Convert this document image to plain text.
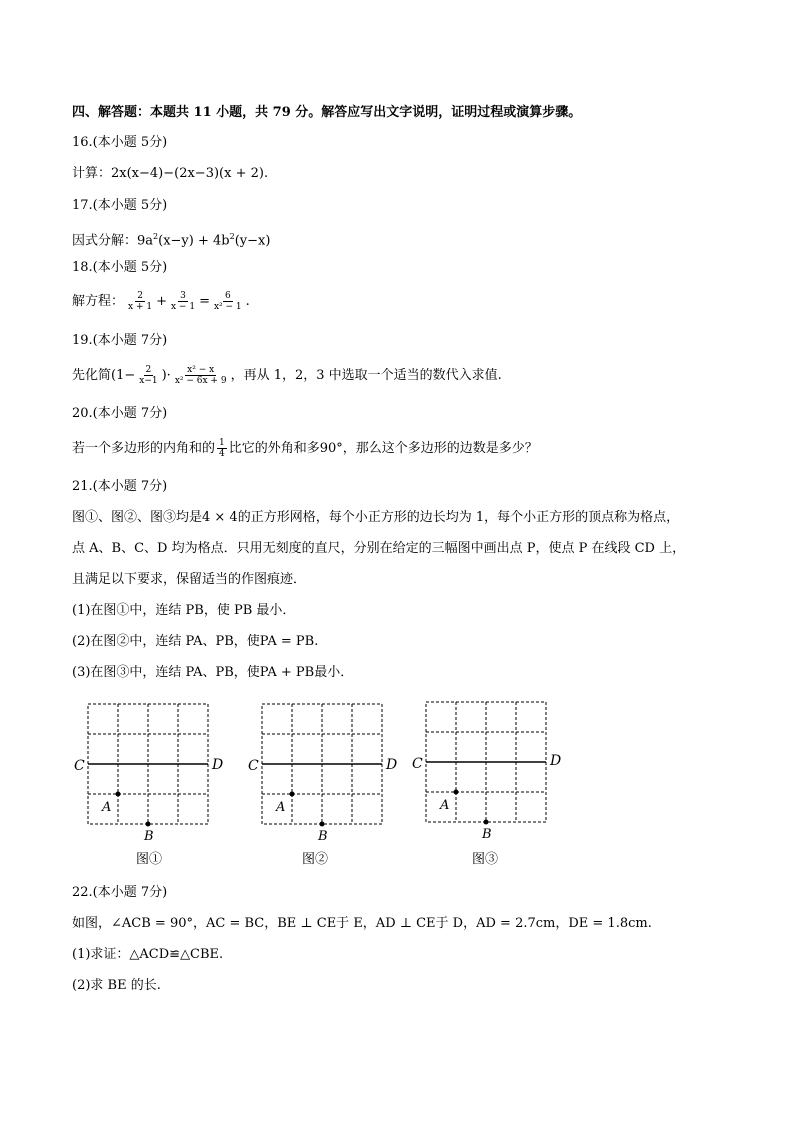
四、解答题：本题共 11 小题，共 79 分。解答应写出文字说明，证明过程或演算步骤。
16.(本小题 5分)
计算：2x(x−4)−(2x−3)(x + 2).
17.(本小题 5分)
因式分解：$9a^2(x-y) + 4b^2(y-x)$
18.(本小题 5分)
解方程： $\frac{2}{x + 1} + \frac{3}{x - 1} = \frac{6}{\text{x² − 1}}$ .
19.(本小题 7分)
先化简($1- \frac{2}{x-1}$ )· $\frac{\text{x² − x}}{\text{x² − 6x + 9}}$ ，再从 1，2，3 中选取一个适当的数代入求值.
20.(本小题 7分)
若一个多边形的内角和的 $\frac{1}{4}$ 比它的外角和多90°，那么这个多边形的边数是多少？
21.(本小题 7分)
图①、图②、图③均是4 × 4的正方形网格，每个小正方形的边长均为 1，每个小正方形的顶点称为格点，
点 A、B、C、D 均为格点．只用无刻度的直尺，分别在给定的三幅图中画出点 P，使点 P 在线段 CD 上，
且满足以下要求，保留适当的作图痕迹．
(1)在图①中，连结 PB，使 PB 最小．
(2)在图②中，连结 PA、PB，使PA = PB.
(3)在图③中，连结 PA、PB，使PA + PB最小．
C	D
A
B
C	D
A
B
C	D
A
B
图①	图②	图③
22.(本小题 7分)
如图，∠ACB = 90°，AC = BC，BE ⊥ CE于 E，AD ⊥ CE于 D，AD = 2.7cm，DE = 1.8cm.
(1)求证：△ACD≌△CBE.
(2)求 BE 的长.
